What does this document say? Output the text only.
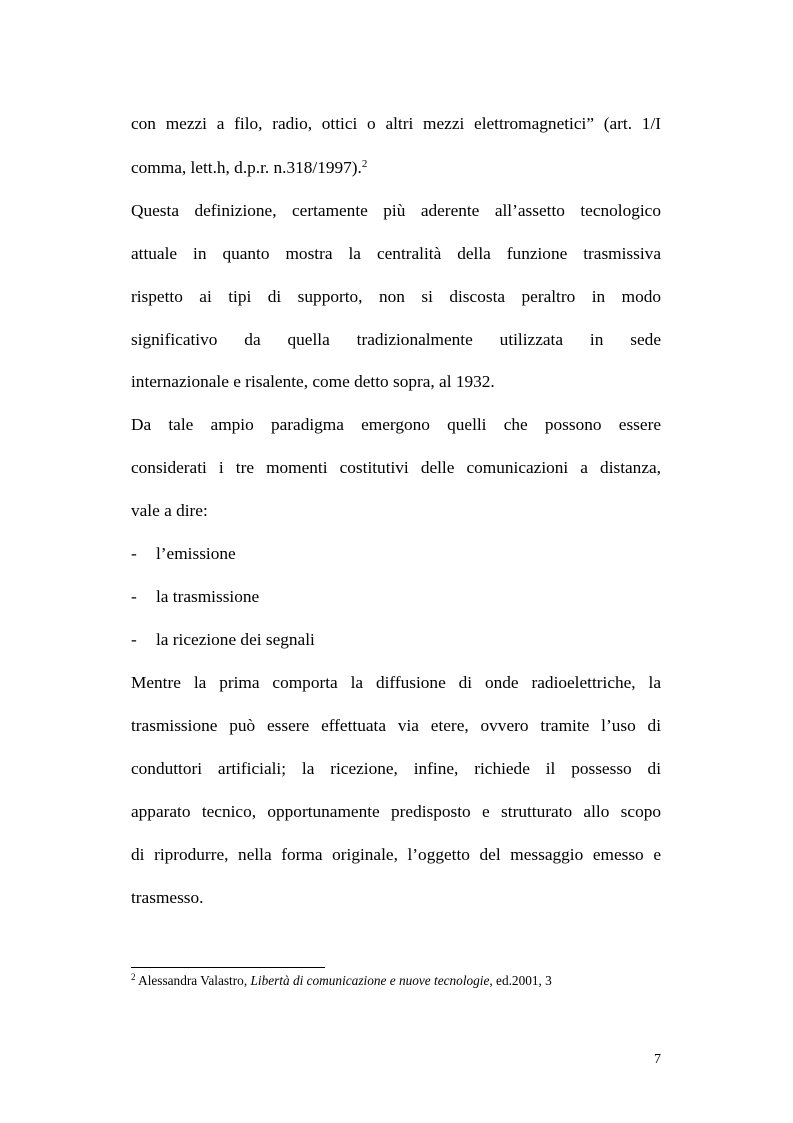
con mezzi a filo, radio, ottici o altri mezzi elettromagnetici” (art. 1/I
comma, lett.h, d.p.r. n.318/1997).$^2$
Questa definizione, certamente più aderente all’assetto tecnologico
attuale in quanto mostra la centralità della funzione trasmissiva
rispetto ai tipi di supporto, non si discosta peraltro in modo
significativo da quella tradizionalmente utilizzata in sede
internazionale e risalente, come detto sopra, al 1932.
Da tale ampio paradigma emergono quelli che possono essere
considerati i tre momenti costitutivi delle comunicazioni a distanza,
vale a dire:
-	l’emissione
-	la trasmissione
-	la ricezione dei segnali
Mentre la prima comporta la diffusione di onde radioelettriche, la
trasmissione può essere effettuata via etere, ovvero tramite l’uso di
conduttori artificiali; la ricezione, infine, richiede il possesso di
apparato tecnico, opportunamente predisposto e strutturato allo scopo
di riprodurre, nella forma originale, l’oggetto del messaggio emesso e
trasmesso.
$^2$ Alessandra Valastro, Libertà di comunicazione e nuove tecnologie, ed.2001, 3
7
